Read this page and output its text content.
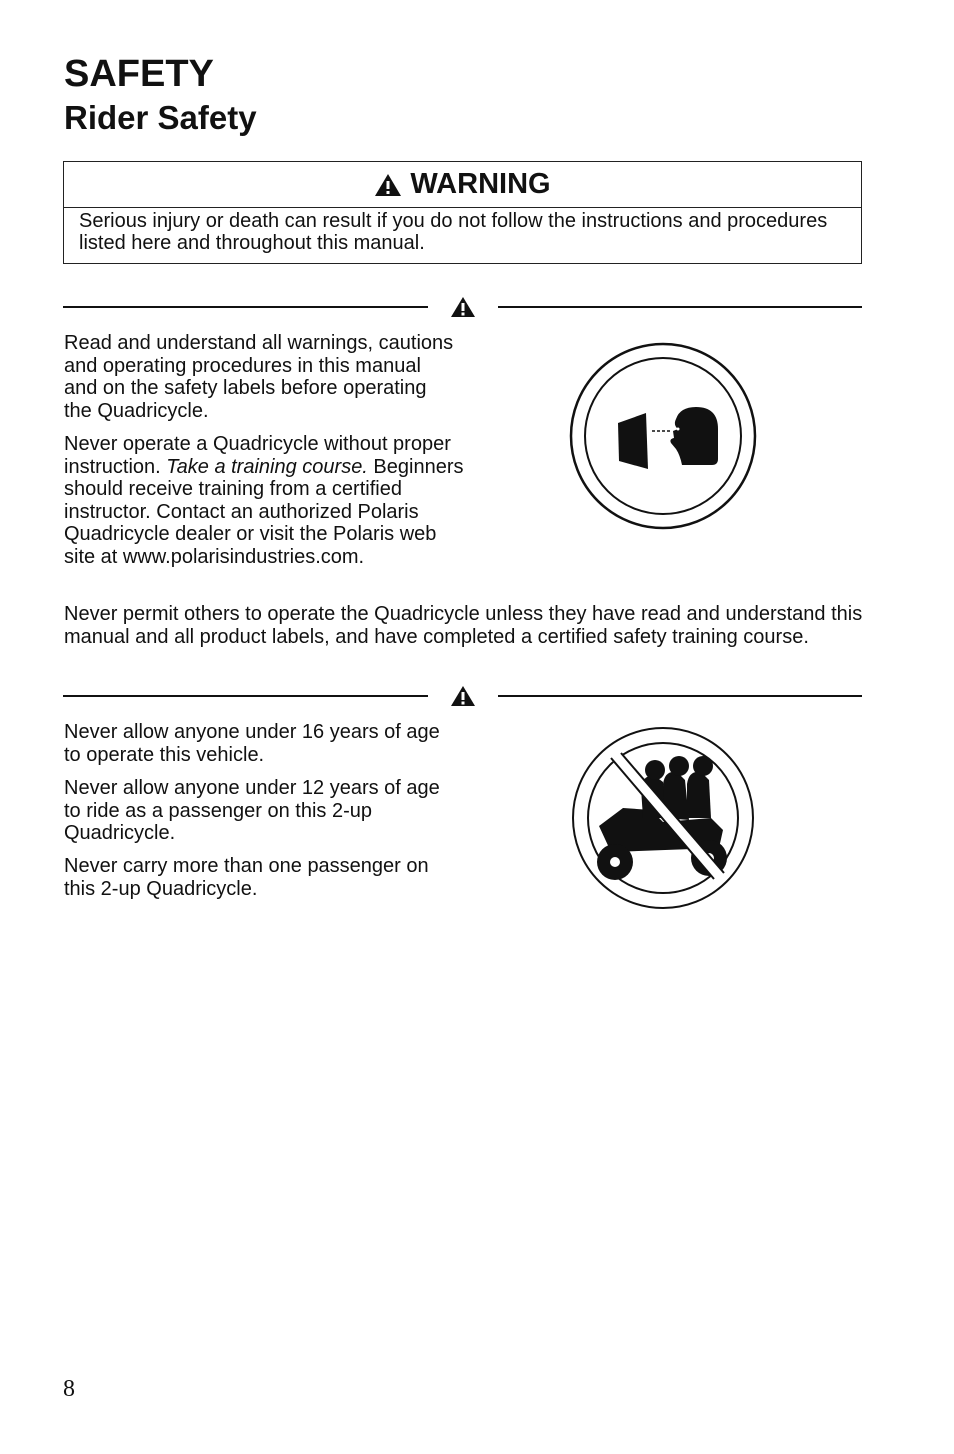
SAFETY
Rider Safety
WARNING
Serious injury or death can result if you do not follow the instructions and procedures listed here and throughout this manual.

Read and understand all warnings, cautions and operating procedures in this manual and on the safety labels before operating the Quadricycle.

Never operate a Quadricycle without proper instruction. Take a training course. Beginners should receive training from a certified instructor. Contact an authorized Polaris Quadricycle dealer or visit the Polaris web site at www.polarisindustries.com.

Never permit others to operate the Quadricycle unless they have read and understand this manual and all product labels, and have completed a certified safety training course.

Never allow anyone under 16 years of age to operate this vehicle.

Never allow anyone under 12 years of age to ride as a passenger on this 2-up Quadricycle.

Never carry more than one passenger on this 2-up Quadricycle.

8
